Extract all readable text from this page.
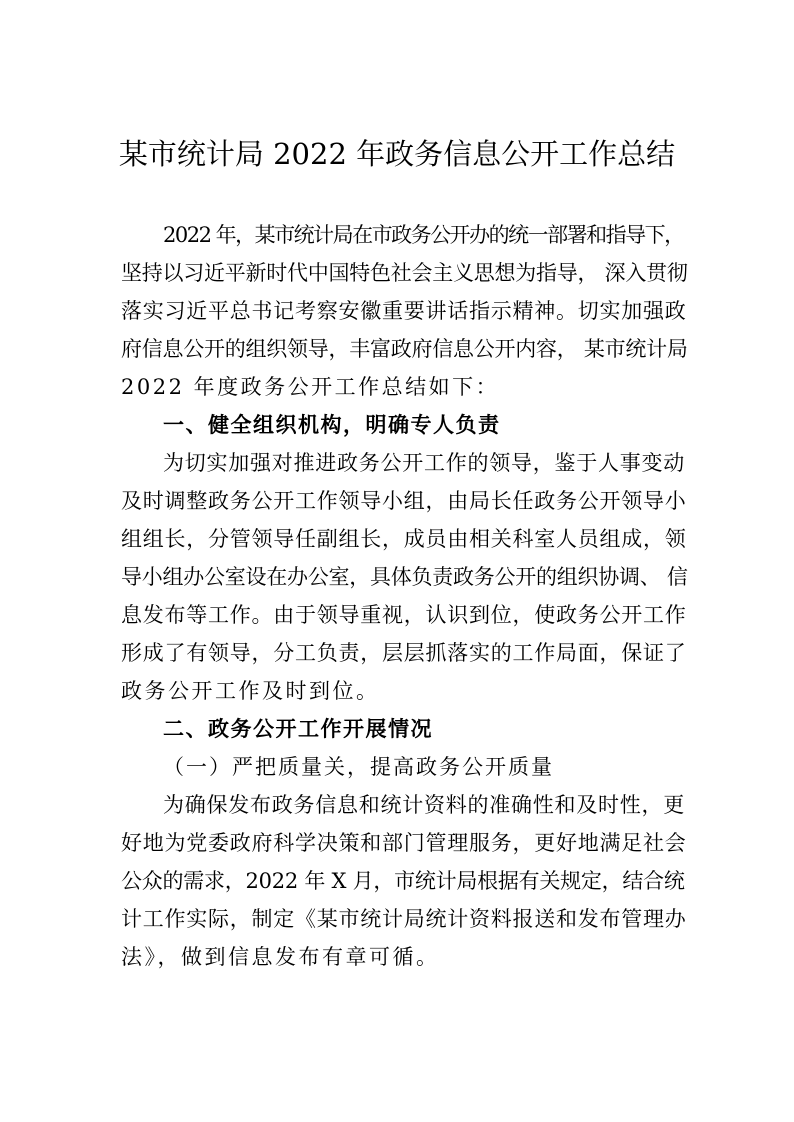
某市统计局 2022 年政务信息公开工作总结
2022 年，某市统计局在市政务公开办的统一部署和指导下，
坚持以习近平新时代中国特色社会主义思想为指导， 深入贯彻
落实习近平总书记考察安徽重要讲话指示精神。切实加强政
府信息公开的组织领导，丰富政府信息公开内容， 某市统计局
2022 年度政务公开工作总结如下：
一、健全组织机构，明确专人负责
为切实加强对推进政务公开工作的领导，鉴于人事变动
及时调整政务公开工作领导小组，由局长任政务公开领导小
组组长，分管领导任副组长，成员由相关科室人员组成，领
导小组办公室设在办公室，具体负责政务公开的组织协调、 信
息发布等工作。由于领导重视，认识到位，使政务公开工作
形成了有领导，分工负责，层层抓落实的工作局面，保证了
政务公开工作及时到位。
二、政务公开工作开展情况
（一）严把质量关，提高政务公开质量
为确保发布政务信息和统计资料的准确性和及时性，更
好地为党委政府科学决策和部门管理服务，更好地满足社会
公众的需求，2022 年 X 月，市统计局根据有关规定，结合统
计工作实际，制定《某市统计局统计资料报送和发布管理办
法》，做到信息发布有章可循。
